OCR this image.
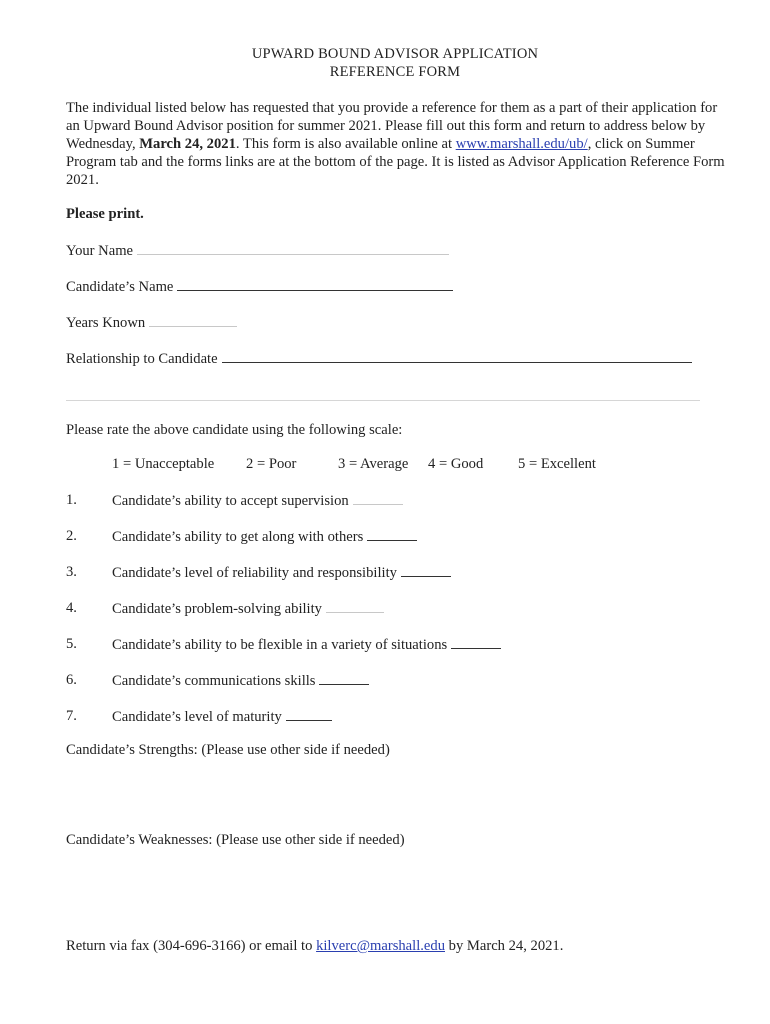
UPWARD BOUND ADVISOR APPLICATION
REFERENCE FORM
The individual listed below has requested that you provide a reference for them as a part of their application for an Upward Bound Advisor position for summer 2021. Please fill out this form and return to address below by Wednesday, March 24, 2021. This form is also available online at www.marshall.edu/ub/, click on Summer Program tab and the forms links are at the bottom of the page. It is listed as Advisor Application Reference Form 2021.
Please print.
Your Name
Candidate’s Name
Years Known
Relationship to Candidate
Please rate the above candidate using the following scale:
1 = Unacceptable 2 = Poor	3 = Average 4 = Good 5 = Excellent
1. Candidate’s ability to accept supervision
2. Candidate’s ability to get along with others
3. Candidate’s level of reliability and responsibility
4. Candidate’s problem-solving ability
5. Candidate’s ability to be flexible in a variety of situations
6. Candidate’s communications skills
7. Candidate’s level of maturity
Candidate’s Strengths: (Please use other side if needed)
Candidate’s Weaknesses: (Please use other side if needed)
Return via fax (304-696-3166) or email to kilverc@marshall.edu by March 24, 2021.
